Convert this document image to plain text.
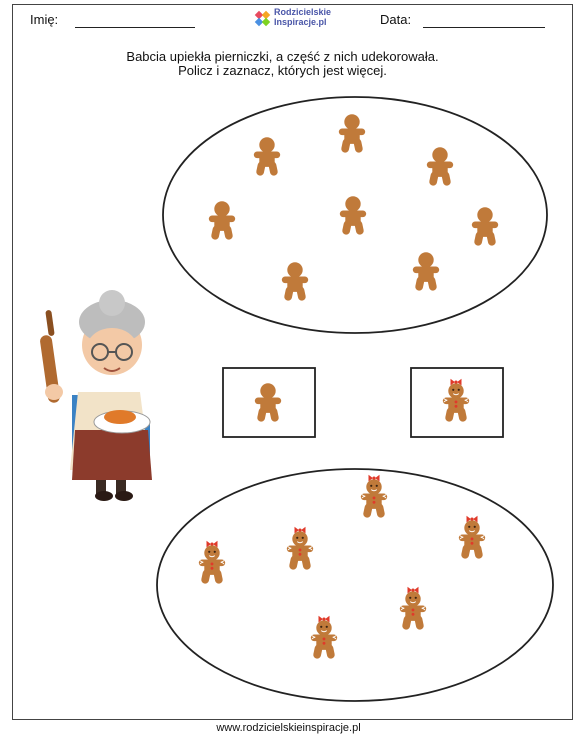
Imię:	Rodzicielskie
Inspiracje.pl	Data:
Babcia upiekła pierniczki, a część z nich udekorowała.
Policz i zaznacz, których jest więcej.
www.rodzicielskieinspiracje.pl
